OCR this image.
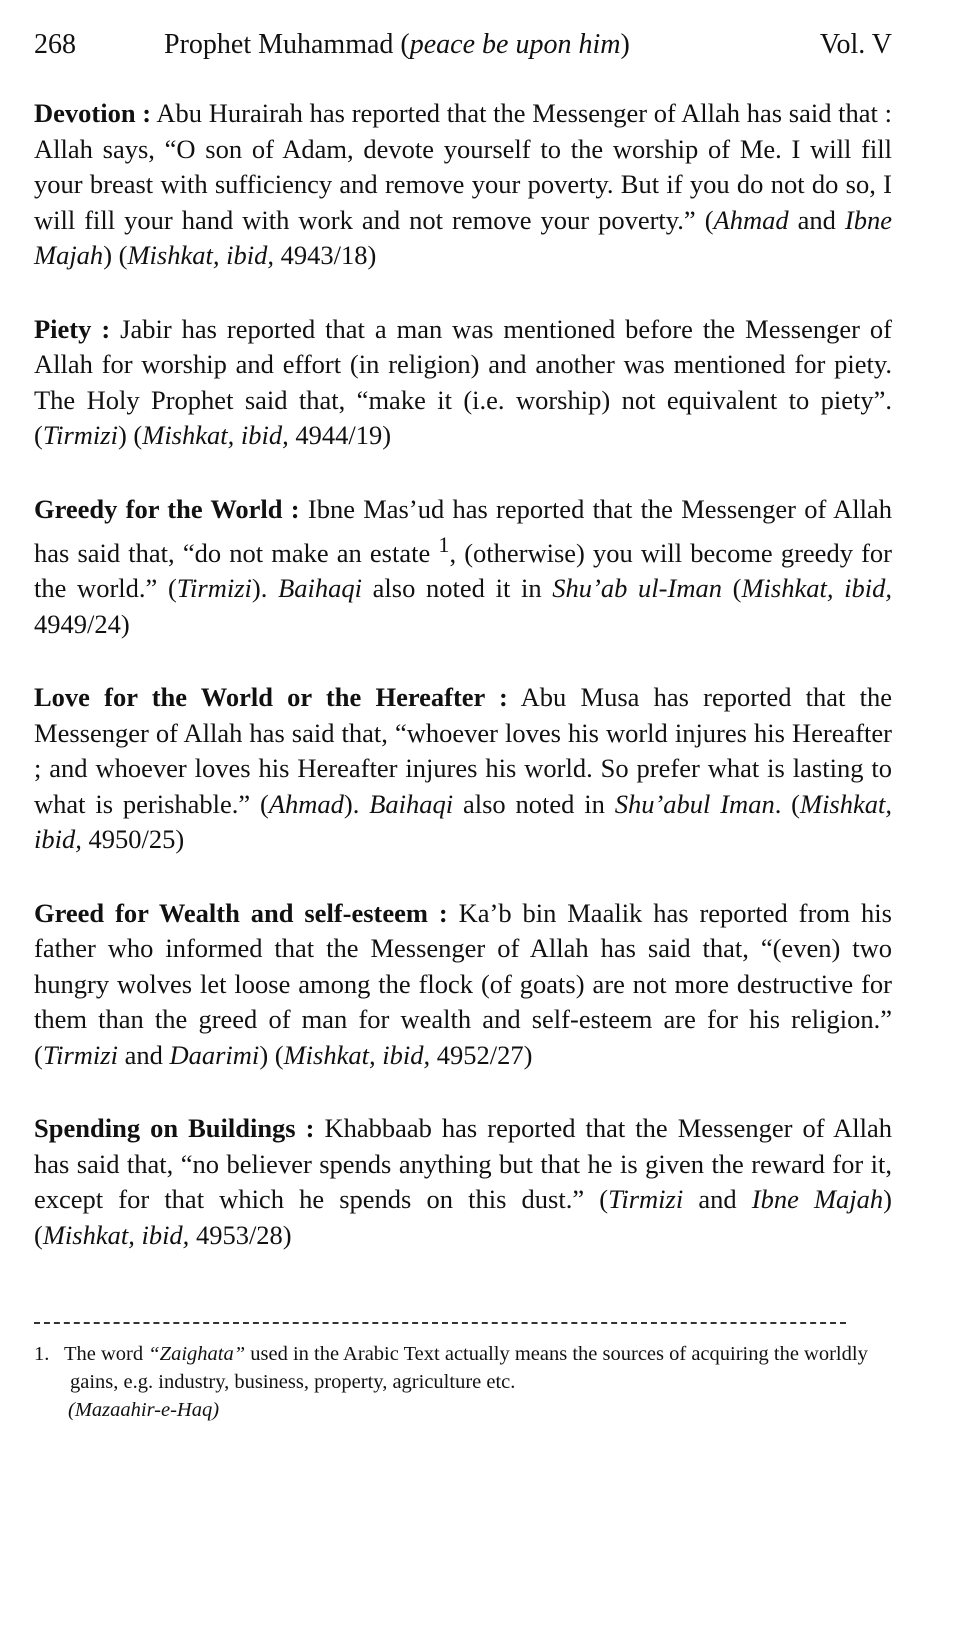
268	Prophet Muhammad (peace be upon him)	Vol. V

Devotion : Abu Hurairah has reported that the Messenger of Allah has said that : Allah says, “O son of Adam, devote yourself to the worship of Me. I will fill your breast with sufficiency and remove your poverty. But if you do not do so, I will fill your hand with work and not remove your poverty.” (Ahmad and Ibne Majah) (Mishkat, ibid, 4943/18)

Piety : Jabir has reported that a man was mentioned before the Messenger of Allah for worship and effort (in religion) and another was mentioned for piety. The Holy Prophet said that, “make it (i.e. worship) not equivalent to piety”. (Tirmizi) (Mishkat, ibid, 4944/19)

Greedy for the World : Ibne Mas’ud has reported that the Messenger of Allah has said that, “do not make an estate $^1$, (otherwise) you will become greedy for the world.” (Tirmizi). Baihaqi also noted it in Shu’ab ul-Iman (Mishkat, ibid, 4949/24)

Love for the World or the Hereafter : Abu Musa has reported that the Messenger of Allah has said that, “whoever loves his world injures his Hereafter ; and whoever loves his Hereafter injures his world. So prefer what is lasting to what is perishable.” (Ahmad). Baihaqi also noted in Shu’abul Iman. (Mishkat, ibid, 4950/25)

Greed for Wealth and self-esteem : Ka’b bin Maalik has reported from his father who informed that the Messenger of Allah has said that, “(even) two hungry wolves let loose among the flock (of goats) are not more destructive for them than the greed of man for wealth and self-esteem are for his religion.” (Tirmizi and Daarimi) (Mishkat, ibid, 4952/27)

Spending on Buildings : Khabbaab has reported that the Messenger of Allah has said that, “no believer spends anything but that he is given the reward for it, except for that which he spends on this dust.” (Tirmizi and Ibne Majah) (Mishkat, ibid, 4953/28)

1. The word “Zaighata” used in the Arabic Text actually means the sources of acquiring the worldly gains, e.g. industry, business, property, agriculture etc.
(Mazaahir-e-Haq)
